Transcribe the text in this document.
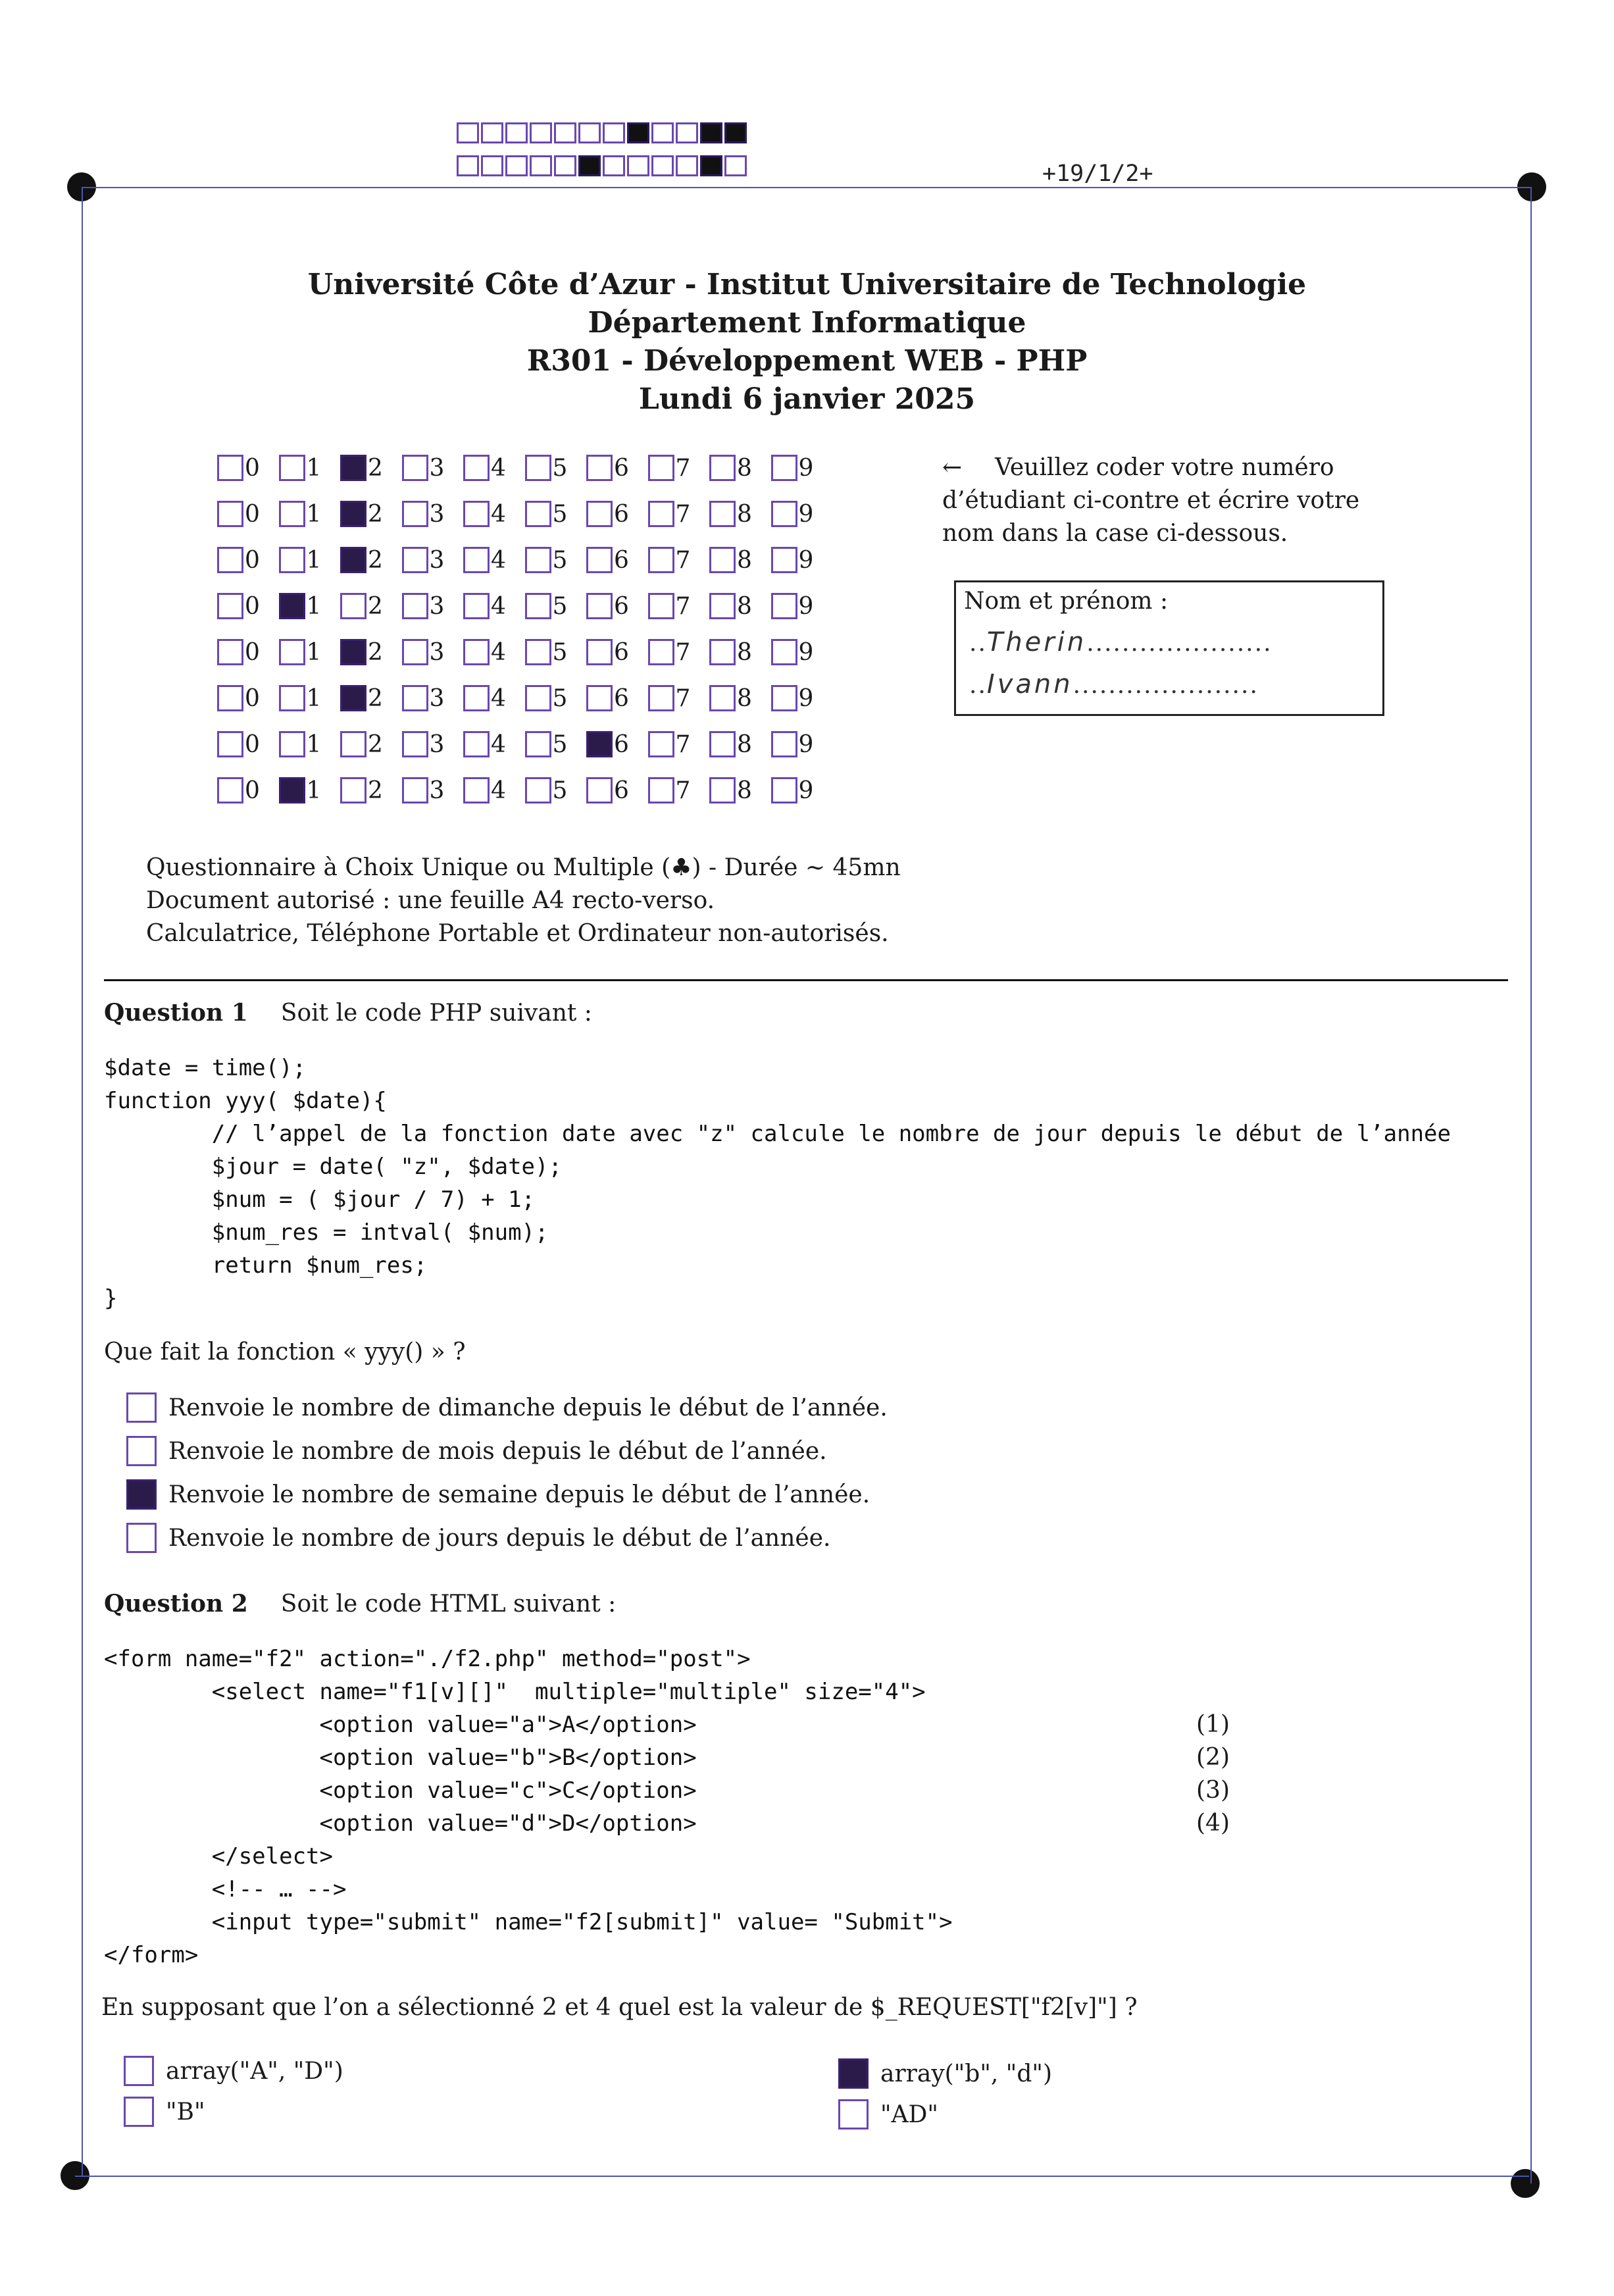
+19/1/2+
Université Côte d’Azur - Institut Universitaire de Technologie
Département Informatique
R301 - Développement WEB - PHP
Lundi 6 janvier 2025
0 1 2 3 4 5 6 7 8 9
0 1 2 3 4 5 6 7 8 9
0 1 2 3 4 5 6 7 8 9
0 1 2 3 4 5 6 7 8 9
0 1 2 3 4 5 6 7 8 9
0 1 2 3 4 5 6 7 8 9
0 1 2 3 4 5 6 7 8 9
0 1 2 3 4 5 6 7 8 9
← Veuillez coder votre numéro d’étudiant ci-contre et écrire votre nom dans la case ci-dessous.
Nom et prénom :
..Therin.....................
..Ivann.....................
Questionnaire à Choix Unique ou Multiple (♣) - Durée ∼ 45mn
Document autorisé : une feuille A4 recto-verso.
Calculatrice, Téléphone Portable et Ordinateur non-autorisés.
Question 1 Soit le code PHP suivant :
$date = time();
function yyy( $date){
// l’appel de la fonction date avec "z" calcule le nombre de jour depuis le début de l’année
$jour = date( "z", $date);
$num = ( $jour / 7) + 1;
$num_res = intval( $num);
return $num_res;
}
Que fait la fonction « yyy() » ?
Renvoie le nombre de dimanche depuis le début de l’année.
Renvoie le nombre de mois depuis le début de l’année.
Renvoie le nombre de semaine depuis le début de l’année.
Renvoie le nombre de jours depuis le début de l’année.
Question 2 Soit le code HTML suivant :
<form name="f2" action="./f2.php" method="post">
<select name="f1[v][]"  multiple="multiple" size="4">
<option value="a">A</option>
<option value="b">B</option>
<option value="c">C</option>
<option value="d">D</option>
</select>
<!-- … -->
<input type="submit" name="f2[submit]" value= "Submit">
</form>
(1)
(2)
(3)
(4)
En supposant que l’on a sélectionné 2 et 4 quel est la valeur de $_REQUEST["f2[v]"] ?
array("A", "D")	array("b", "d")
"B"	"AD"
